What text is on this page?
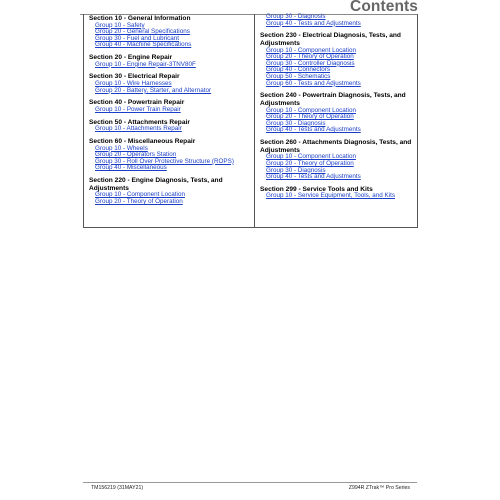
Contents
Section 10 - General Information
Group 10 - Safety
Group 20 - General Specifications
Group 30 - Fuel and Lubricant
Group 40 - Machine Specifications
Section 20 - Engine Repair
Group 10 - Engine Repair-3TNV80F
Section 30 - Electrical Repair
Group 10 - Wire Harnesses
Group 20 - Battery, Starter, and Alternator
Section 40 - Powertrain Repair
Group 10 - Power Train Repair
Section 50 - Attachments Repair
Group 10 - Attachments Repair
Section 60 - Miscellaneous Repair
Group 10 - Wheels
Group 20 - Operators Station
Group 30 - Roll Over Protective Structure (ROPS)
Group 40 - Miscellaneous
Section 220 - Engine Diagnosis, Tests, and Adjustments
Group 10 - Component Location
Group 20 - Theory of Operation
Group 30 - Diagnosis
Group 40 - Tests and Adjustments
Section 230 - Electrical Diagnosis, Tests, and Adjustments
Group 10 - Component Location
Group 20 - Theory of Operation
Group 30 - Controller Diagnosis
Group 40 - Connectors
Group 50 - Schematics
Group 60 - Tests and Adjustments
Section 240 - Powertrain Diagnosis, Tests, and Adjustments
Group 10 - Component Location
Group 20 - Theory of Operation
Group 30 - Diagnosis
Group 40 - Tests and Adjustments
Section 260 - Attachments Diagnosis, Tests, and Adjustments
Group 10 - Component Location
Group 20 - Theory of Operation
Group 30 - Diagnosis
Group 40 - Tests and Adjustments
Section 299 - Service Tools and Kits
Group 10 - Service Equipment, Tools, and Kits
TM156219 (31MAY21)	Z994R ZTrak™ Pro Series
